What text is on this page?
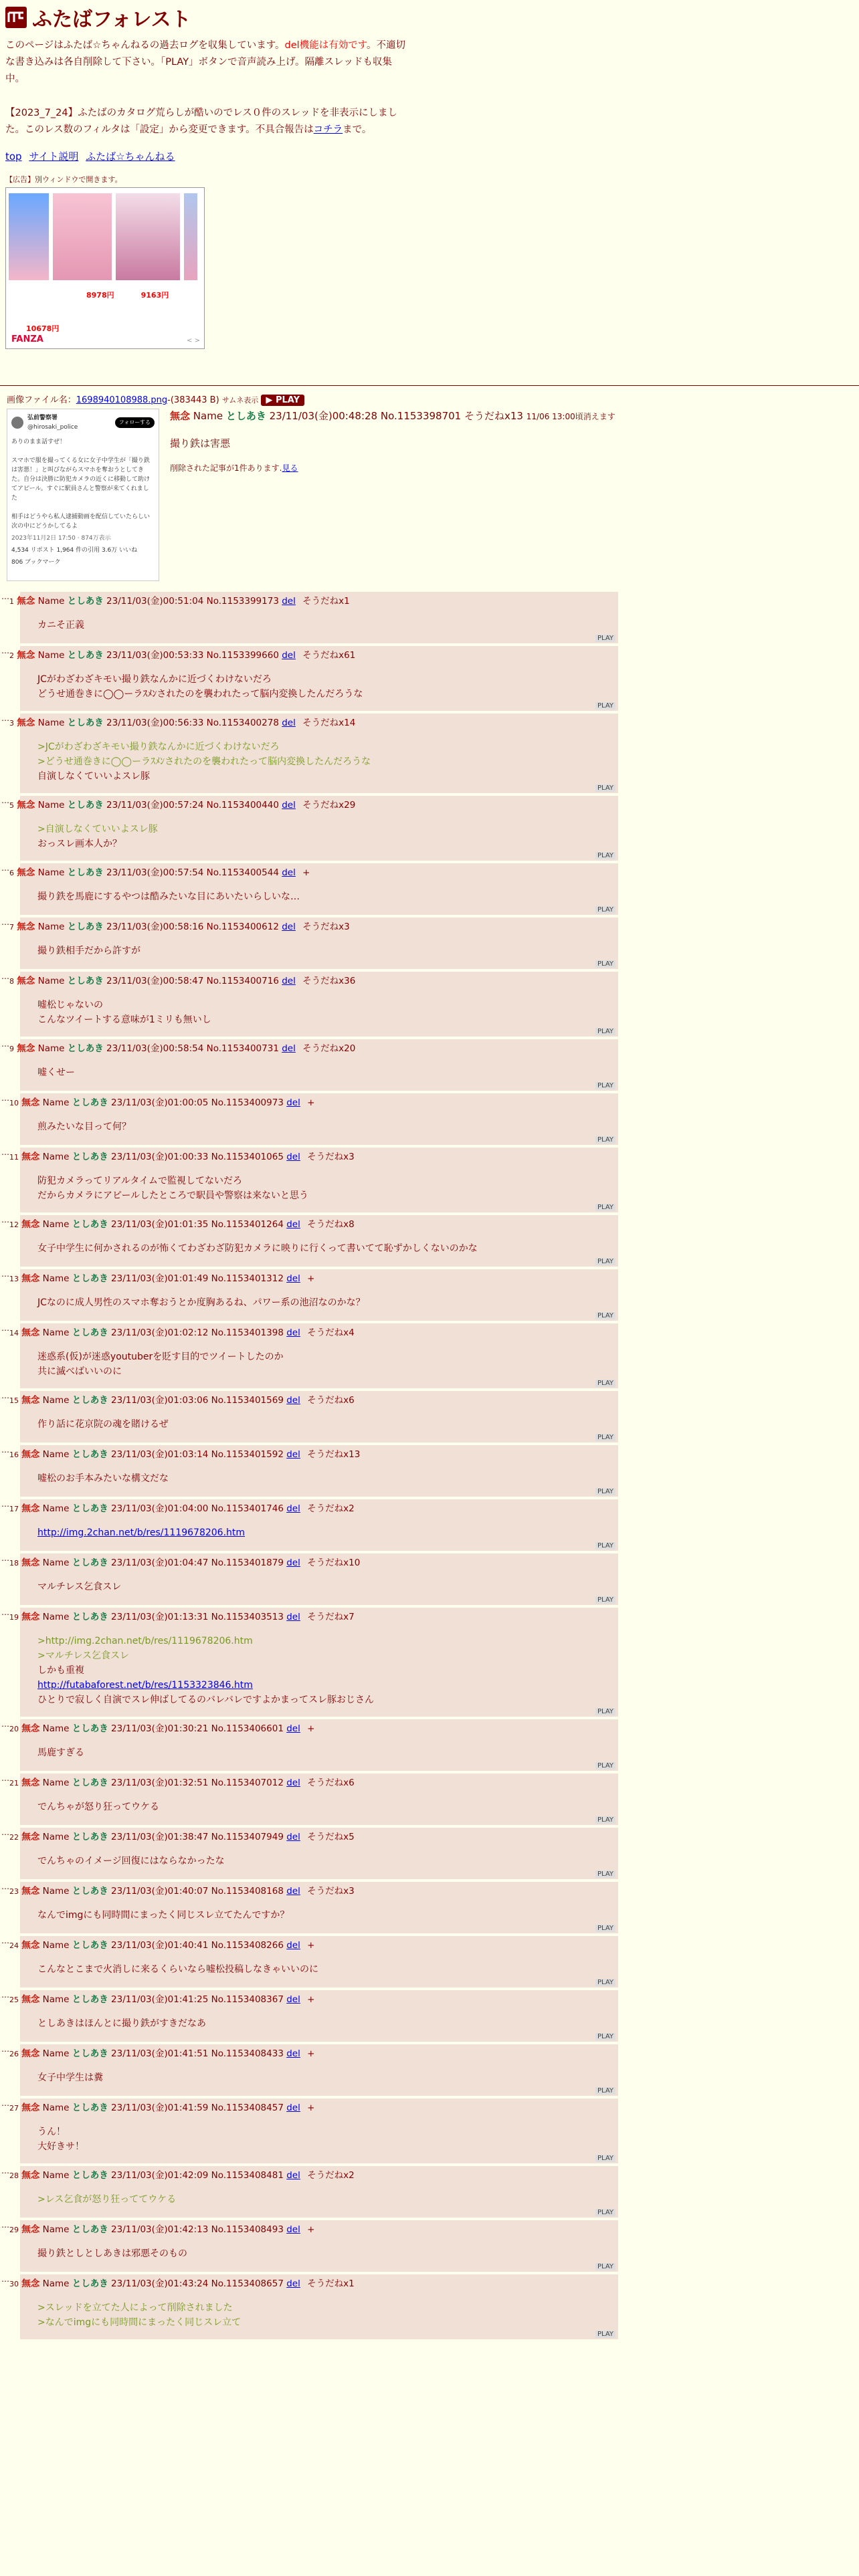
ふたばフォレスト
このページはふたば☆ちゃんねるの過去ログを収集しています。del機能は有効です。不適切な書き込みは各自削除して下さい。「PLAY」ボタンで音声読み上げ。隔離スレッドも収集中。
【2023_7_24】ふたばのカタログ荒らしが酷いのでレス０件のスレッドを非表示にしました。このレス数のフィルタは「設定」から変更できます。不具合報告はコチラまで。
top サイト説明 ふたば☆ちゃんねる
【広告】別ウィンドウで開きます。
10678円
8978円	9163円
FANZA	< >
画像ファイル名：1698940108988.png-(383443 B) サムネ表示 ▶ PLAY
弘前警察署
@hirosaki_police
フォローする
ありのまま話すぜ！

スマホで服を撮ってくる女に女子中学生が「撮り鉄は害悪！」と叫びながらスマホを奪おうとしてきた。自分は決勝に防犯カメラの近くに移動して助けてアピール。すぐに駅員さんと警察が来てくれました

相手はどうやら私人逮捕動画を配信していたらしい
次の中にどうかしてるよ
2023年11月2日 17:50 · 874万表示
4,534 リポスト 1,964 件の引用 3.6万 いいね
806 ブックマーク
無念 Name としあき 23/11/03(金)00:48:28 No.1153398701 そうだねx13 11/06 13:00頃消えます
撮り鉄は害悪
削除された記事が1件あります.見る
…
1 無念 Name としあき 23/11/03(金)00:51:04 No.1153399173 del そうだねx1
カニそ正義
PLAY
…
2 無念 Name としあき 23/11/03(金)00:53:33 No.1153399660 del そうだねx61
JCがわざわざキモい撮り鉄なんかに近づくわけないだろ
どうせ通巻きに◯◯ーラｽﾒﾝされたのを襲われたって脳内変換したんだろうな
PLAY
…
3 無念 Name としあき 23/11/03(金)00:56:33 No.1153400278 del そうだねx14
>JCがわざわざキモい撮り鉄なんかに近づくわけないだろ
>どうせ通巻きに◯◯ーラｽﾒﾝされたのを襲われたって脳内変換したんだろうな
自演しなくていいよスレ豚
PLAY
…
5 無念 Name としあき 23/11/03(金)00:57:24 No.1153400440 del そうだねx29
>自演しなくていいよスレ豚
おっスレ画本人か？
PLAY
…
6 無念 Name としあき 23/11/03(金)00:57:54 No.1153400544 del +
撮り鉄を馬鹿にするやつは酷みたいな目にあいたいらしいな…
PLAY
…
7 無念 Name としあき 23/11/03(金)00:58:16 No.1153400612 del そうだねx3
撮り鉄相手だから許すが
PLAY
…
8 無念 Name としあき 23/11/03(金)00:58:47 No.1153400716 del そうだねx36
嘘松じゃないの
こんなツイートする意味が1ミリも無いし
PLAY
…
9 無念 Name としあき 23/11/03(金)00:58:54 No.1153400731 del そうだねx20
嘘くせー
PLAY
…
10 無念 Name としあき 23/11/03(金)01:00:05 No.1153400973 del +
煎みたいな目って何？
PLAY
…
11 無念 Name としあき 23/11/03(金)01:00:33 No.1153401065 del そうだねx3
防犯カメラってリアルタイムで監視してないだろ
だからカメラにアピールしたところで駅員や警察は来ないと思う
PLAY
…
12 無念 Name としあき 23/11/03(金)01:01:35 No.1153401264 del そうだねx8
女子中学生に何かされるのが怖くてわざわざ防犯カメラに映りに行くって書いてて恥ずかしくないのかな
PLAY
…
13 無念 Name としあき 23/11/03(金)01:01:49 No.1153401312 del +
JCなのに成人男性のスマホ奪おうとか度胸あるね、パワー系の池沼なのかな？
PLAY
…
14 無念 Name としあき 23/11/03(金)01:02:12 No.1153401398 del そうだねx4
迷惑系(仮)が迷惑youtuberを貶す目的でツイートしたのか
共に滅べばいいのに
PLAY
…
15 無念 Name としあき 23/11/03(金)01:03:06 No.1153401569 del そうだねx6
作り話に花京院の魂を賭けるぜ
PLAY
…
16 無念 Name としあき 23/11/03(金)01:03:14 No.1153401592 del そうだねx13
嘘松のお手本みたいな構文だな
PLAY
…
17 無念 Name としあき 23/11/03(金)01:04:00 No.1153401746 del そうだねx2
http://img.2chan.net/b/res/1119678206.htm
PLAY
…
18 無念 Name としあき 23/11/03(金)01:04:47 No.1153401879 del そうだねx10
マルチレス乞食スレ
PLAY
…
19 無念 Name としあき 23/11/03(金)01:13:31 No.1153403513 del そうだねx7
>http://img.2chan.net/b/res/1119678206.htm
>マルチレス乞食スレ
しかも重複
http://futabaforest.net/b/res/1153323846.htm
ひとりで寂しく自演でスレ伸ばしてるのバレバレですよかまってスレ豚おじさん
PLAY
…
20 無念 Name としあき 23/11/03(金)01:30:21 No.1153406601 del +
馬鹿すぎる
PLAY
…
21 無念 Name としあき 23/11/03(金)01:32:51 No.1153407012 del そうだねx6
でんちゃが怒り狂ってウケる
PLAY
…
22 無念 Name としあき 23/11/03(金)01:38:47 No.1153407949 del そうだねx5
でんちゃのイメージ回復にはならなかったな
PLAY
…
23 無念 Name としあき 23/11/03(金)01:40:07 No.1153408168 del そうだねx3
なんでimgにも同時間にまったく同じスレ立てたんですか？
PLAY
…
24 無念 Name としあき 23/11/03(金)01:40:41 No.1153408266 del +
こんなとこまで火消しに来るくらいなら嘘松投稿しなきゃいいのに
PLAY
…
25 無念 Name としあき 23/11/03(金)01:41:25 No.1153408367 del +
としあきはほんとに撮り鉄がすきだなあ
PLAY
…
26 無念 Name としあき 23/11/03(金)01:41:51 No.1153408433 del +
女子中学生は糞
PLAY
…
27 無念 Name としあき 23/11/03(金)01:41:59 No.1153408457 del +
うん！
大好きサ！
PLAY
…
28 無念 Name としあき 23/11/03(金)01:42:09 No.1153408481 del そうだねx2
>レス乞食が怒り狂っててウケる
PLAY
…
29 無念 Name としあき 23/11/03(金)01:42:13 No.1153408493 del +
撮り鉄としとしあきは邪悪そのもの
PLAY
…
30 無念 Name としあき 23/11/03(金)01:43:24 No.1153408657 del そうだねx1
>スレッドを立てた人によって削除されました
>なんでimgにも同時間にまったく同じスレ立て
PLAY
